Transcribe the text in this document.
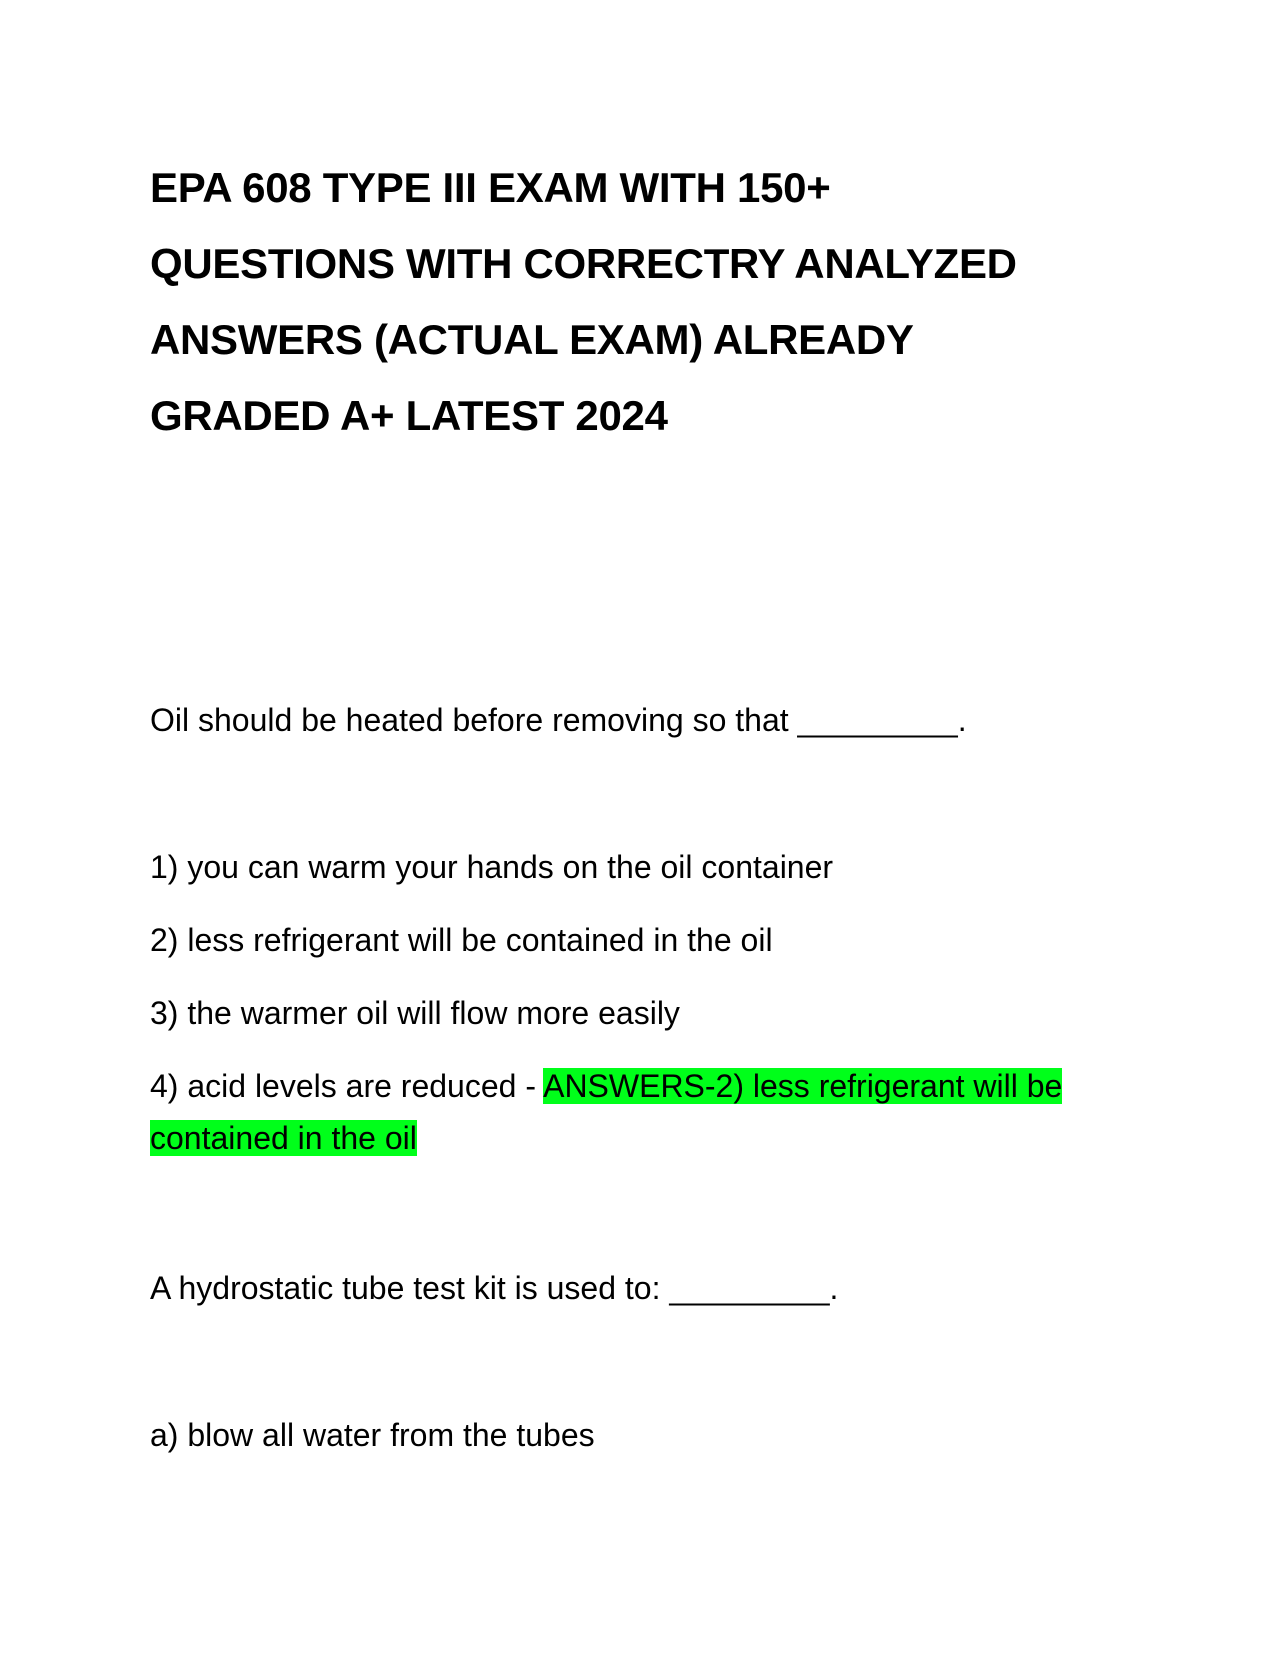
EPA 608 TYPE III EXAM WITH 150+
QUESTIONS WITH CORRECTRY ANALYZED
ANSWERS (ACTUAL EXAM) ALREADY
GRADED A+ LATEST 2024

Oil should be heated before removing so that _________.

1) you can warm your hands on the oil container

2) less refrigerant will be contained in the oil

3) the warmer oil will flow more easily

4) acid levels are reduced - ANSWERS-2) less refrigerant will be

contained in the oil

A hydrostatic tube test kit is used to: _________.

a) blow all water from the tubes
